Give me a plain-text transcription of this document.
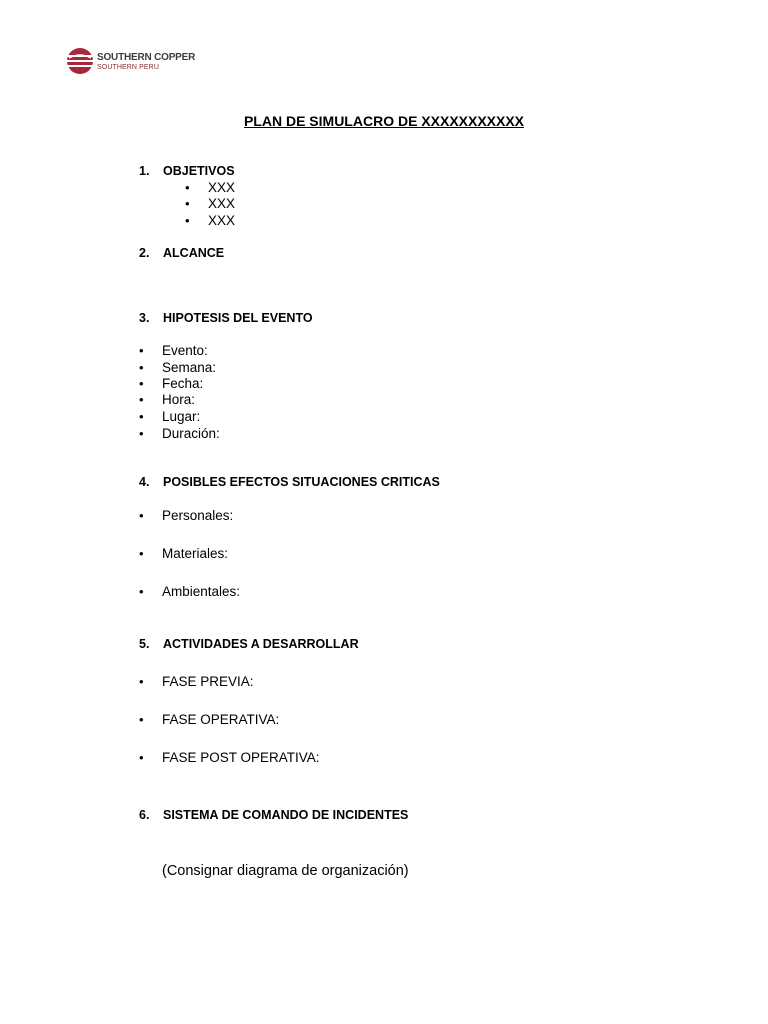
SOUTHERN COPPER
SOUTHERN PERU
PLAN DE SIMULACRO DE XXXXXXXXXXX
1. OBJETIVOS
• XXX
• XXX
• XXX
2. ALCANCE
3. HIPOTESIS DEL EVENTO
• Evento:
• Semana:
• Fecha:
• Hora:
• Lugar:
• Duración:
4. POSIBLES EFECTOS SITUACIONES CRITICAS
• Personales:
• Materiales:
• Ambientales:
5. ACTIVIDADES A DESARROLLAR
• FASE PREVIA:
• FASE OPERATIVA:
• FASE POST OPERATIVA:
6. SISTEMA DE COMANDO DE INCIDENTES
(Consignar diagrama de organización)
